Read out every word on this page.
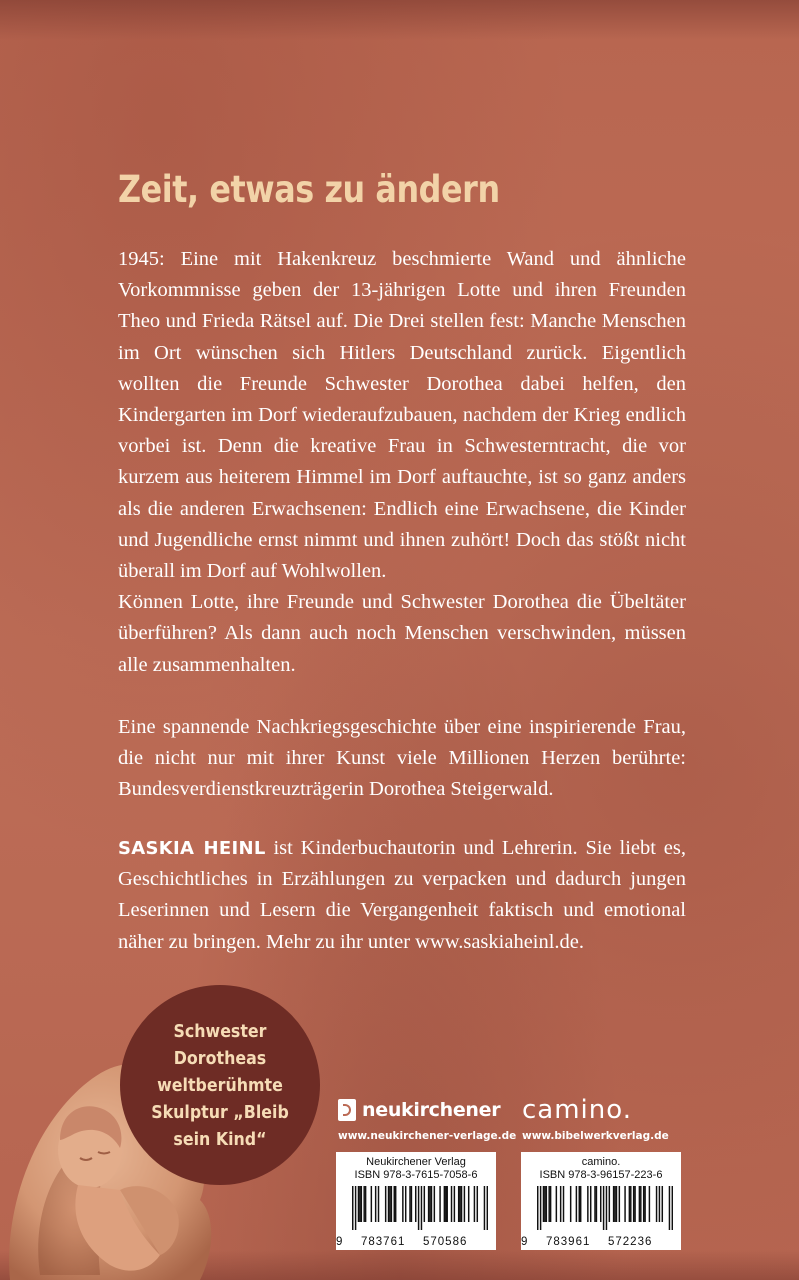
Zeit, etwas zu ändern

1945: Eine mit Hakenkreuz beschmierte Wand und ähnliche Vorkommnisse geben der 13-jährigen Lotte und ihren Freunden Theo und Frieda Rätsel auf. Die Drei stellen fest: Manche Menschen im Ort wünschen sich Hitlers Deutschland zurück. Eigentlich wollten die Freunde Schwester Dorothea dabei helfen, den Kindergarten im Dorf wiederaufzubauen, nachdem der Krieg endlich vorbei ist. Denn die kreative Frau in Schwesterntracht, die vor kurzem aus heiterem Himmel im Dorf auftauchte, ist so ganz anders als die anderen Erwachsenen: Endlich eine Erwachsene, die Kinder und Jugendliche ernst nimmt und ihnen zuhört! Doch das stößt nicht überall im Dorf auf Wohlwollen.

Können Lotte, ihre Freunde und Schwester Dorothea die Übeltäter überführen? Als dann auch noch Menschen verschwinden, müssen alle zusammenhalten.

Eine spannende Nachkriegsgeschichte über eine inspirierende Frau, die nicht nur mit ihrer Kunst viele Millionen Herzen berührte: Bundesverdienstkreuzträgerin Dorothea Steigerwald.

SASKIA HEINL ist Kinderbuchautorin und Lehrerin. Sie liebt es, Geschichtliches in Erzählungen zu verpacken und dadurch jungen Leserinnen und Lesern die Vergangenheit faktisch und emotional näher zu bringen. Mehr zu ihr unter www.saskiaheinl.de.
Schwester Dorotheas weltberühmte Skulptur „Bleib sein Kind“
neukirchener camino.
www.neukirchener-verlage.de www.bibelwerkverlag.de
Neukirchener Verlag
ISBN 978-3-7615-7058-6
9 783761 570586
camino.
ISBN 978-3-96157-223-6
9 783961 572236
